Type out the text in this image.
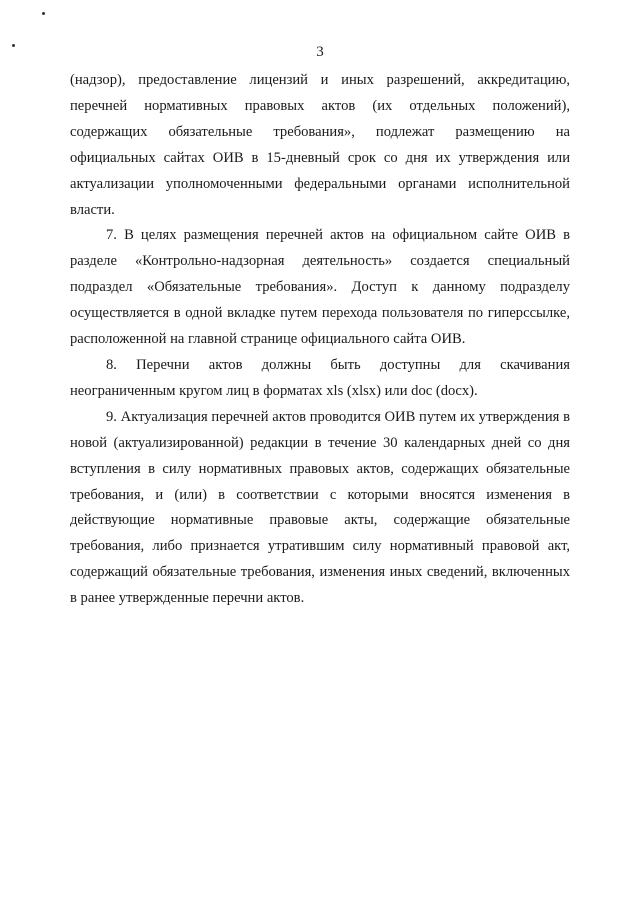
3

(надзор), предоставление лицензий и иных разрешений, аккредитацию, перечней нормативных правовых актов (их отдельных положений), содержащих обязательные требования», подлежат размещению на официальных сайтах ОИВ в 15-дневный срок со дня их утверждения или актуализации уполномоченными федеральными органами исполнительной власти.

7. В целях размещения перечней актов на официальном сайте ОИВ в разделе «Контрольно-надзорная деятельность» создается специальный подраздел «Обязательные требования». Доступ к данному подразделу осуществляется в одной вкладке путем перехода пользователя по гиперссылке, расположенной на главной странице официального сайта ОИВ.

8. Перечни актов должны быть доступны для скачивания неограниченным кругом лиц в форматах xls (xlsx) или doc (docx).

9. Актуализация перечней актов проводится ОИВ путем их утверждения в новой (актуализированной) редакции в течение 30 календарных дней со дня вступления в силу нормативных правовых актов, содержащих обязательные требования, и (или) в соответствии с которыми вносятся изменения в действующие нормативные правовые акты, содержащие обязательные требования, либо признается утратившим силу нормативный правовой акт, содержащий обязательные требования, изменения иных сведений, включенных в ранее утвержденные перечни актов.
